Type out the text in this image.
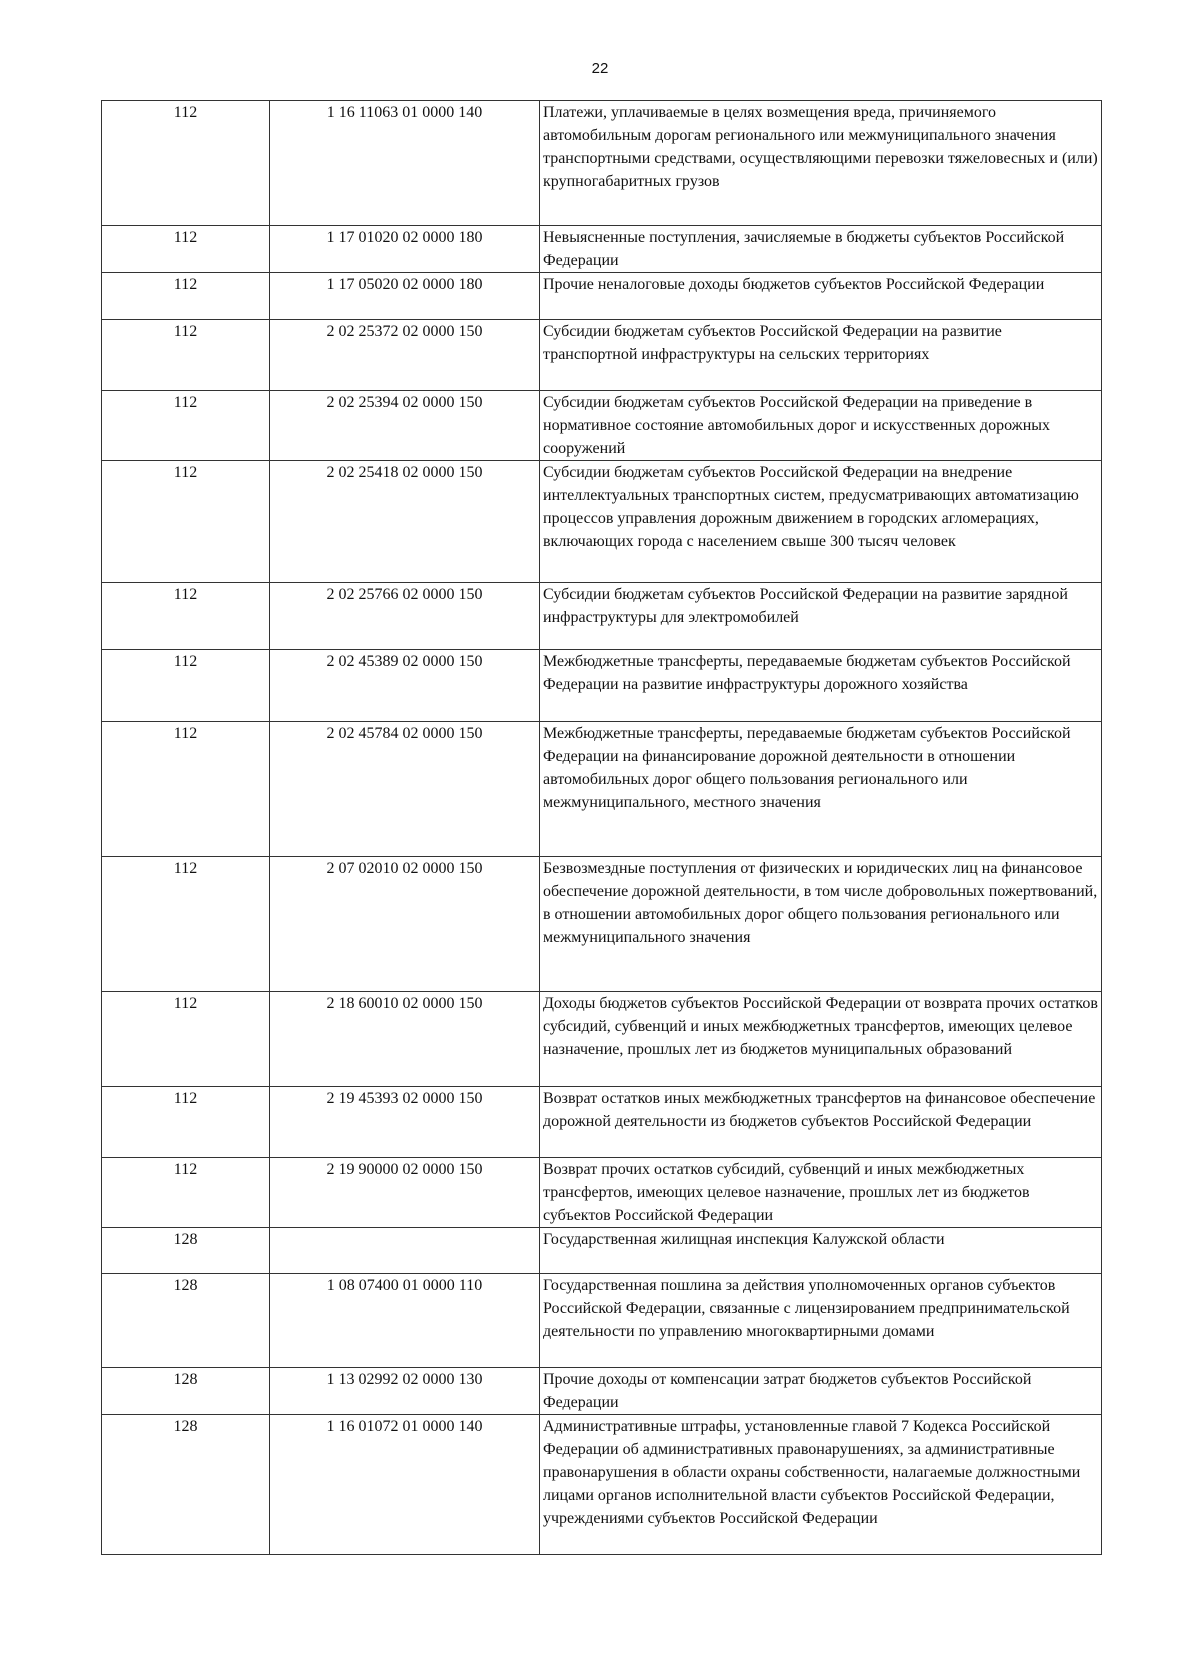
22
112	1 16 11063 01 0000 140	Платежи, уплачиваемые в целях возмещения вреда, причиняемого автомобильным дорогам регионального или межмуниципального значения транспортными средствами, осуществляющими перевозки тяжеловесных и (или) крупногабаритных грузов
112	1 17 01020 02 0000 180	Невыясненные поступления, зачисляемые в бюджеты субъектов Российской Федерации
112	1 17 05020 02 0000 180	Прочие неналоговые доходы бюджетов субъектов Российской Федерации
112	2 02 25372 02 0000 150	Субсидии бюджетам субъектов Российской Федерации на развитие транспортной инфраструктуры на сельских территориях
112	2 02 25394 02 0000 150	Субсидии бюджетам субъектов Российской Федерации на приведение в нормативное состояние автомобильных дорог и искусственных дорожных сооружений
112	2 02 25418 02 0000 150	Субсидии бюджетам субъектов Российской Федерации на внедрение интеллектуальных транспортных систем, предусматривающих автоматизацию процессов управления дорожным движением в городских агломерациях, включающих города с населением свыше 300 тысяч человек
112	2 02 25766 02 0000 150	Субсидии бюджетам субъектов Российской Федерации на развитие зарядной инфраструктуры для электромобилей
112	2 02 45389 02 0000 150	Межбюджетные трансферты, передаваемые бюджетам субъектов Российской Федерации на развитие инфраструктуры дорожного хозяйства
112	2 02 45784 02 0000 150	Межбюджетные трансферты, передаваемые бюджетам субъектов Российской Федерации на финансирование дорожной деятельности в отношении автомобильных дорог общего пользования регионального или межмуниципального, местного значения
112	2 07 02010 02 0000 150	Безвозмездные поступления от физических и юридических лиц на финансовое обеспечение дорожной деятельности, в том числе добровольных пожертвований, в отношении автомобильных дорог общего пользования регионального или межмуниципального значения
112	2 18 60010 02 0000 150	Доходы бюджетов субъектов Российской Федерации от возврата прочих остатков субсидий, субвенций и иных межбюджетных трансфертов, имеющих целевое назначение, прошлых лет из бюджетов муниципальных образований
112	2 19 45393 02 0000 150	Возврат остатков иных межбюджетных трансфертов на финансовое обеспечение дорожной деятельности из бюджетов субъектов Российской Федерации
112	2 19 90000 02 0000 150	Возврат прочих остатков субсидий, субвенций и иных межбюджетных трансфертов, имеющих целевое назначение, прошлых лет из бюджетов субъектов Российской Федерации
128		Государственная жилищная инспекция Калужской области
128	1 08 07400 01 0000 110	Государственная пошлина за действия уполномоченных органов субъектов Российской Федерации, связанные с лицензированием предпринимательской деятельности по управлению многоквартирными домами
128	1 13 02992 02 0000 130	Прочие доходы от компенсации затрат бюджетов субъектов Российской Федерации
128	1 16 01072 01 0000 140	Административные штрафы, установленные главой 7 Кодекса Российской Федерации об административных правонарушениях, за административные правонарушения в области охраны собственности, налагаемые должностными лицами органов исполнительной власти субъектов Российской Федерации, учреждениями субъектов Российской Федерации
